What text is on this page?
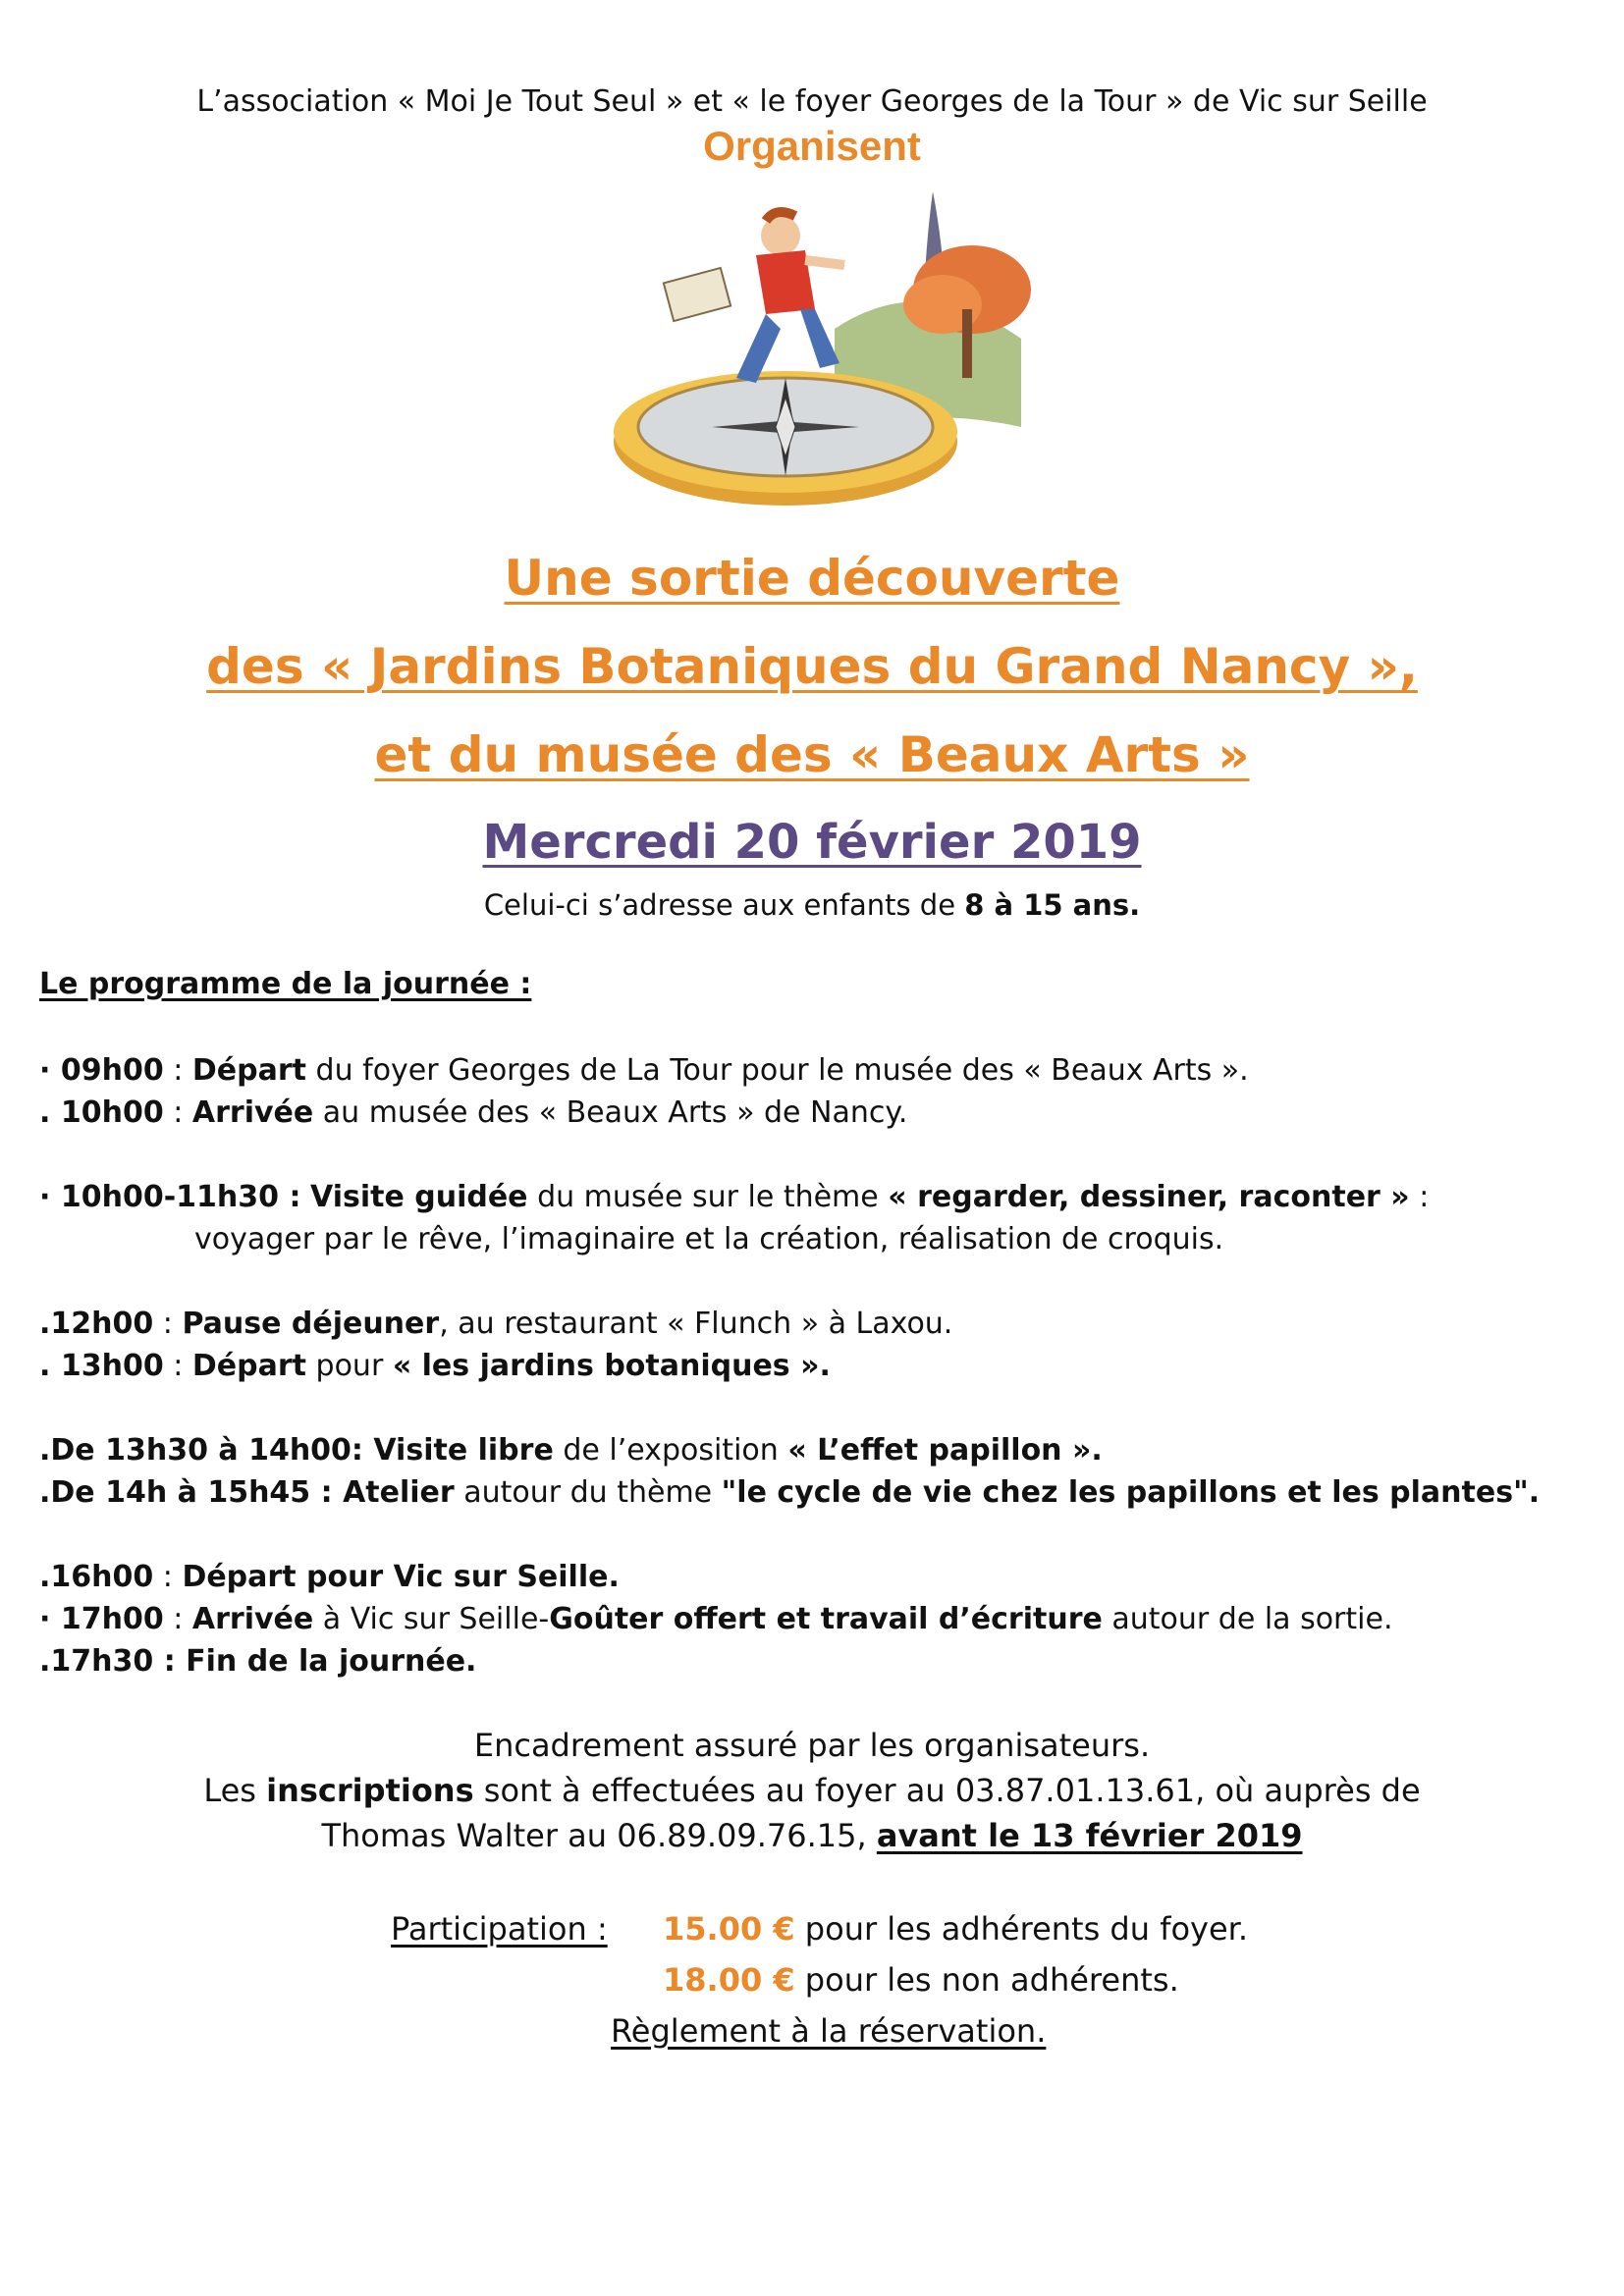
L’association « Moi Je Tout Seul » et « le foyer Georges de la Tour » de Vic sur Seille
Organisent
Une sortie découverte
des « Jardins Botaniques du Grand Nancy »,
et du musée des « Beaux Arts »
Mercredi 20 février 2019
Celui-ci s’adresse aux enfants de 8 à 15 ans.
Le programme de la journée :
· 09h00 : Départ du foyer Georges de La Tour pour le musée des « Beaux Arts ».
. 10h00 : Arrivée au musée des « Beaux Arts » de Nancy.
· 10h00-11h30 : Visite guidée du musée sur le thème « regarder, dessiner, raconter » :
voyager par le rêve, l’imaginaire et la création, réalisation de croquis.
.12h00 : Pause déjeuner, au restaurant « Flunch » à Laxou.
. 13h00 : Départ pour « les jardins botaniques ».
.De 13h30 à 14h00: Visite libre de l’exposition « L’effet papillon ».
.De 14h à 15h45 : Atelier autour du thème "le cycle de vie chez les papillons et les plantes".
.16h00 : Départ pour Vic sur Seille.
· 17h00 : Arrivée à Vic sur Seille-Goûter offert et travail d’écriture autour de la sortie.
.17h30 : Fin de la journée.
Encadrement assuré par les organisateurs.
Les inscriptions sont à effectuées au foyer au 03.87.01.13.61, où auprès de
Thomas Walter au 06.89.09.76.15, avant le 13 février 2019
Participation : 15.00 € pour les adhérents du foyer.
18.00 € pour les non adhérents.
Règlement à la réservation.
